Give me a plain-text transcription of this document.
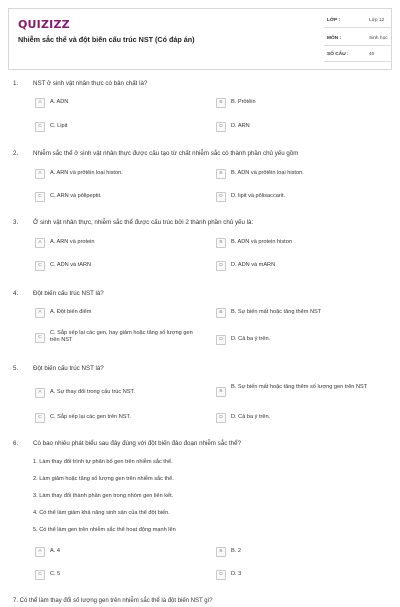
QUIZIZZ
Nhiễm sắc thể và đột biến cấu trúc NST (Có đáp án)
LỚP :	Lớp 12
MÔN :	Sinh học
SỐ CÂU :	40
1. NST ở sinh vật nhân thực có bản chất là?
A	A. ADN	B	B. Prôtêin
C	C. Lipit	D	D. ARN
2. Nhiễm sắc thể ở sinh vật nhân thực được cấu tạo từ chất nhiễm sắc có thành phần chủ yếu gồm
A	A. ARN và prôtêin loại histon.	B	B. ADN và prôtêin loại histon.
C	C. ARN và pôlipeptit.	D	D. lipit và pôlisaccarit.
3. Ở sinh vật nhân thực, nhiễm sắc thể được cấu trúc bởi 2 thành phần chủ yếu là:
A	A. ARN và protein	B	B. ADN và protein histon
C	C. ADN và tARN	D	D. ADN và mARN
4. Đột biến cấu trúc NST là?
A	A. Đột biến điểm	B	B. Sự biến mất hoặc tăng thêm NST
C
C. Sắp xếp lại các gen, hay giảm hoặc tăng số lượng gen trên NST	D	D. Cả ba ý trên.
5. Đột biến cấu trúc NST là?
A	A. Sự thay đổi trong cấu trúc NST.	B
B. Sự biến mất hoặc tăng thêm số lượng gen trên NST
C	C. Sắp xếp lại các gen trên NST.	D	D. Cả ba ý trên.
6. Có bao nhiêu phát biểu sau đây đúng với đột biến đảo đoạn nhiễm sắc thể?
1. Làm thay đổi trình tự phân bố gen trên nhiễm sắc thể.
2. Làm giảm hoặc tăng số lượng gen trên nhiễm sắc thể.
3. Làm thay đổi thành phần gen trong nhóm gen liên kết.
4. Có thể làm giảm khả năng sinh sản của thể đột biến.
5. Có thể làm gen trên nhiễm sắc thể hoạt động mạnh lên
A	A. 4	B	B. 2
C	C. 5	D	D. 3
7. Có thể làm thay đổi số lượng gen trên nhiễm sắc thể là đột biến NST gì?
